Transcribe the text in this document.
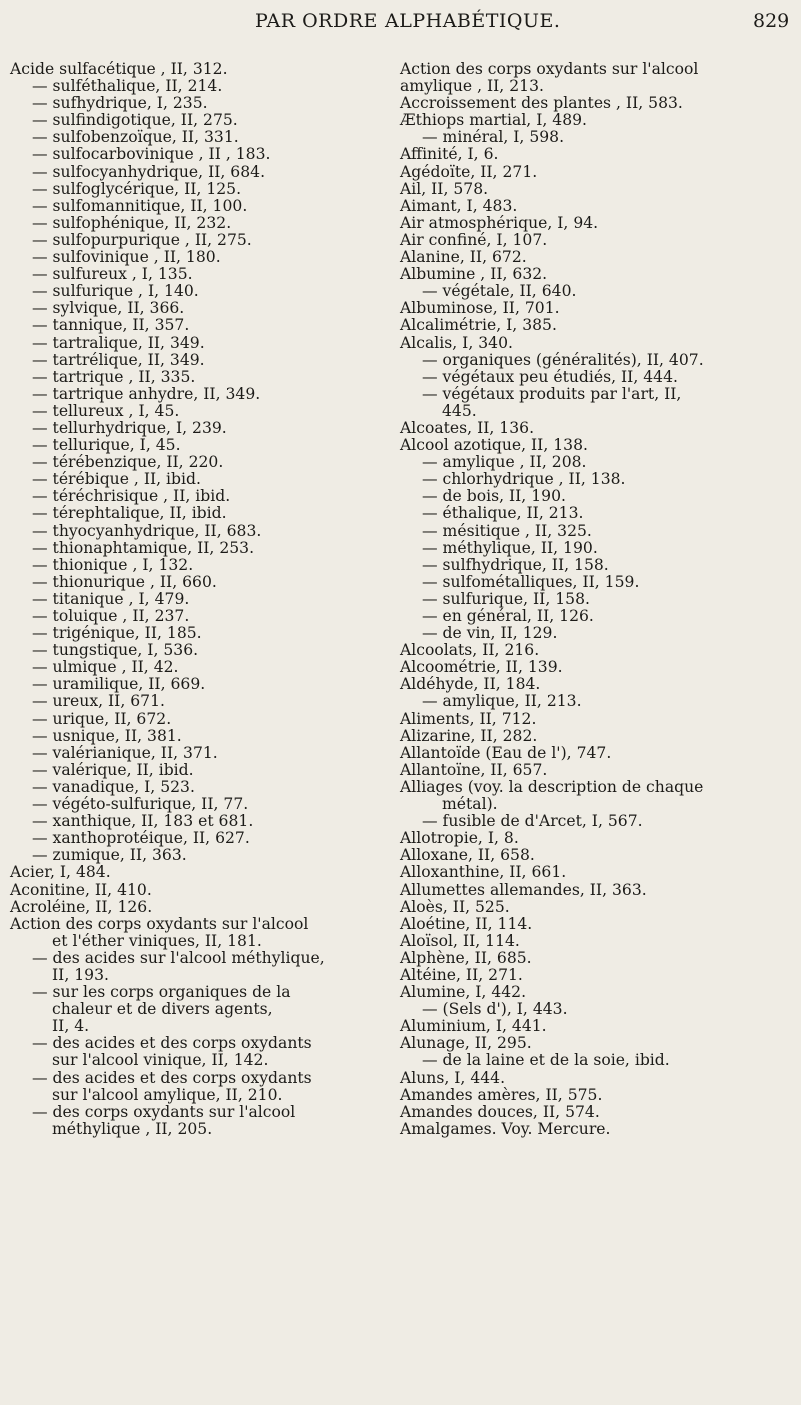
PAR ORDRE ALPHABÉTIQUE.	829
Acide sulfacétique , II, 312.
— sulféthalique, II, 214.
— sufhydrique, I, 235.
— sulfindigotique, II, 275.
— sulfobenzoïque, II, 331.
— sulfocarbovinique , II , 183.
— sulfocyanhydrique, II, 684.
— sulfoglycérique, II, 125.
— sulfomannitique, II, 100.
— sulfophénique, II, 232.
— sulfopurpurique , II, 275.
— sulfovinique , II, 180.
— sulfureux , I, 135.
— sulfurique , I, 140.
— sylvique, II, 366.
— tannique, II, 357.
— tartralique, II, 349.
— tartrélique, II, 349.
— tartrique , II, 335.
— tartrique anhydre, II, 349.
— tellureux , I, 45.
— tellurhydrique, I, 239.
— tellurique, I, 45.
— térébenzique, II, 220.
— térébique , II, ibid.
— téréchrisique , II, ibid.
— térephtalique, II, ibid.
— thyocyanhydrique, II, 683.
— thionaphtamique, II, 253.
— thionique , I, 132.
— thionurique , II, 660.
— titanique , I, 479.
— toluique , II, 237.
— trigénique, II, 185.
— tungstique, I, 536.
— ulmique , II, 42.
— uramilique, II, 669.
— ureux, II, 671.
— urique, II, 672.
— usnique, II, 381.
— valérianique, II, 371.
— valérique, II, ibid.
— vanadique, I, 523.
— végéto-sulfurique, II, 77.
— xanthique, II, 183 et 681.
— xanthoprotéique, II, 627.
— zumique, II, 363.
Acier, I, 484.
Aconitine, II, 410.
Acroléine, II, 126.
Action des corps oxydants sur l'alcool
et l'éther viniques, II, 181.
— des acides sur l'alcool méthylique,
II, 193.
— sur les corps organiques de la
chaleur et de divers agents,
II, 4.
— des acides et des corps oxydants
sur l'alcool vinique, II, 142.
— des acides et des corps oxydants
sur l'alcool amylique, II, 210.
— des corps oxydants sur l'alcool
méthylique , II, 205.
Action des corps oxydants sur l'alcool
amylique , II, 213.
Accroissement des plantes , II, 583.
Æthiops martial, I, 489.
— minéral, I, 598.
Affinité, I, 6.
Agédoïte, II, 271.
Ail, II, 578.
Aimant, I, 483.
Air atmosphérique, I, 94.
Air confiné, I, 107.
Alanine, II, 672.
Albumine , II, 632.
— végétale, II, 640.
Albuminose, II, 701.
Alcalimétrie, I, 385.
Alcalis, I, 340.
— organiques (généralités), II, 407.
— végétaux peu étudiés, II, 444.
— végétaux produits par l'art, II,
445.
Alcoates, II, 136.
Alcool azotique, II, 138.
— amylique , II, 208.
— chlorhydrique , II, 138.
— de bois, II, 190.
— éthalique, II, 213.
— mésitique , II, 325.
— méthylique, II, 190.
— sulfhydrique, II, 158.
— sulfométalliques, II, 159.
— sulfurique, II, 158.
— en général, II, 126.
— de vin, II, 129.
Alcoolats, II, 216.
Alcoométrie, II, 139.
Aldéhyde, II, 184.
— amylique, II, 213.
Aliments, II, 712.
Alizarine, II, 282.
Allantoïde (Eau de l'), 747.
Allantoïne, II, 657.
Alliages (voy. la description de chaque
métal).
— fusible de d'Arcet, I, 567.
Allotropie, I, 8.
Alloxane, II, 658.
Alloxanthine, II, 661.
Allumettes allemandes, II, 363.
Aloès, II, 525.
Aloétine, II, 114.
Aloïsol, II, 114.
Alphène, II, 685.
Altéine, II, 271.
Alumine, I, 442.
— (Sels d'), I, 443.
Aluminium, I, 441.
Alunage, II, 295.
— de la laine et de la soie, ibid.
Aluns, I, 444.
Amandes amères, II, 575.
Amandes douces, II, 574.
Amalgames. Voy. Mercure.
